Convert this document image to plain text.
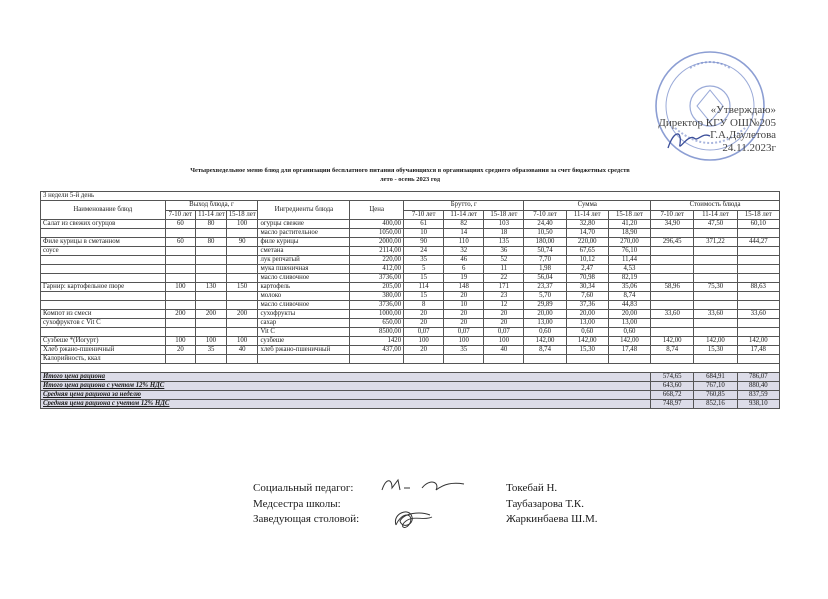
«Утверждаю»
Директор КГУ ОШ№205
Г.А.Даулетова
24.11.2023г
Четырехведельное меню блюд для организации бесплатного питания обучающихся в организациях среднего образования за счет бюджетных средств
лето - осень 2023 год
3 недели 5-й день														
Наименование блюд	Выход блюда, г			Ингредиенты блюда	Цена	Брутто, г			Сумма			Стоимость блюда		
	7-10 лет	11-14 лет	15-18 лет			7-10 лет	11-14 лет	15-18 лет	7-10 лет	11-14 лет	15-18 лет	7-10 лет	11-14 лет	15-18 лет
Салат из свежих огурцов	60	80	100	огурцы свежие	400,00	61	82	103	24,40	32,80	41,20	34,90	47,50	60,10
				масло растительное	1050,00	10	14	18	10,50	14,70	18,90			
Филе курицы в сметанном	60	80	90	филе курицы	2000,00	90	110	135	180,00	220,00	270,00	296,45	371,22	444,27
соусе				сметана	2114,00	24	32	36	50,74	67,65	76,10			
				лук репчатый	220,00	35	46	52	7,70	10,12	11,44			
				мука пшеничная	412,00	5	6	11	1,98	2,47	4,53			
				масло сливочное	3736,00	15	19	22	56,04	70,98	82,19			
Гарнир: картофельное пюре	100	130	150	картофель	205,00	114	148	171	23,37	30,34	35,06	58,96	75,30	88,63
				молоко	380,00	15	20	23	5,70	7,60	8,74			
				масло сливочное	3736,00	8	10	12	29,89	37,36	44,83			
Компот из смеси	200	200	200	сухофрукты	1000,00	20	20	20	20,00	20,00	20,00	33,60	33,60	33,60
сухофруктов с Vit C				сахар	650,00	20	20	20	13,00	13,00	13,00			
				Vit C	8500,00	0,07	0,07	0,07	0,60	0,60	0,60			
Сузбеше *(Йогурт)	100	100	100	сузбеше	1420	100	100	100	142,00	142,00	142,00	142,00	142,00	142,00
Хлеб ржано-пшеничный	20	35	40	хлеб ржано-пшеничный	437,00	20	35	40	8,74	15,30	17,48	8,74	15,30	17,48
Калорийность, ккал														

Итого цена рациона												574,65	684,91	786,07
Итого цена рациона с учетом 12% НДС												643,60	767,10	880,40
Средняя цена рациона за неделю												668,72	760,85	837,59
Средняя цена рациона с учетом 12% НДС												748,97	852,16	938,10
Социальный педагог:	Токебай Н.
Медсестра школы:	Таубазарова Т.К.
Заведующая столовой:	Жаркинбаева Ш.М.
